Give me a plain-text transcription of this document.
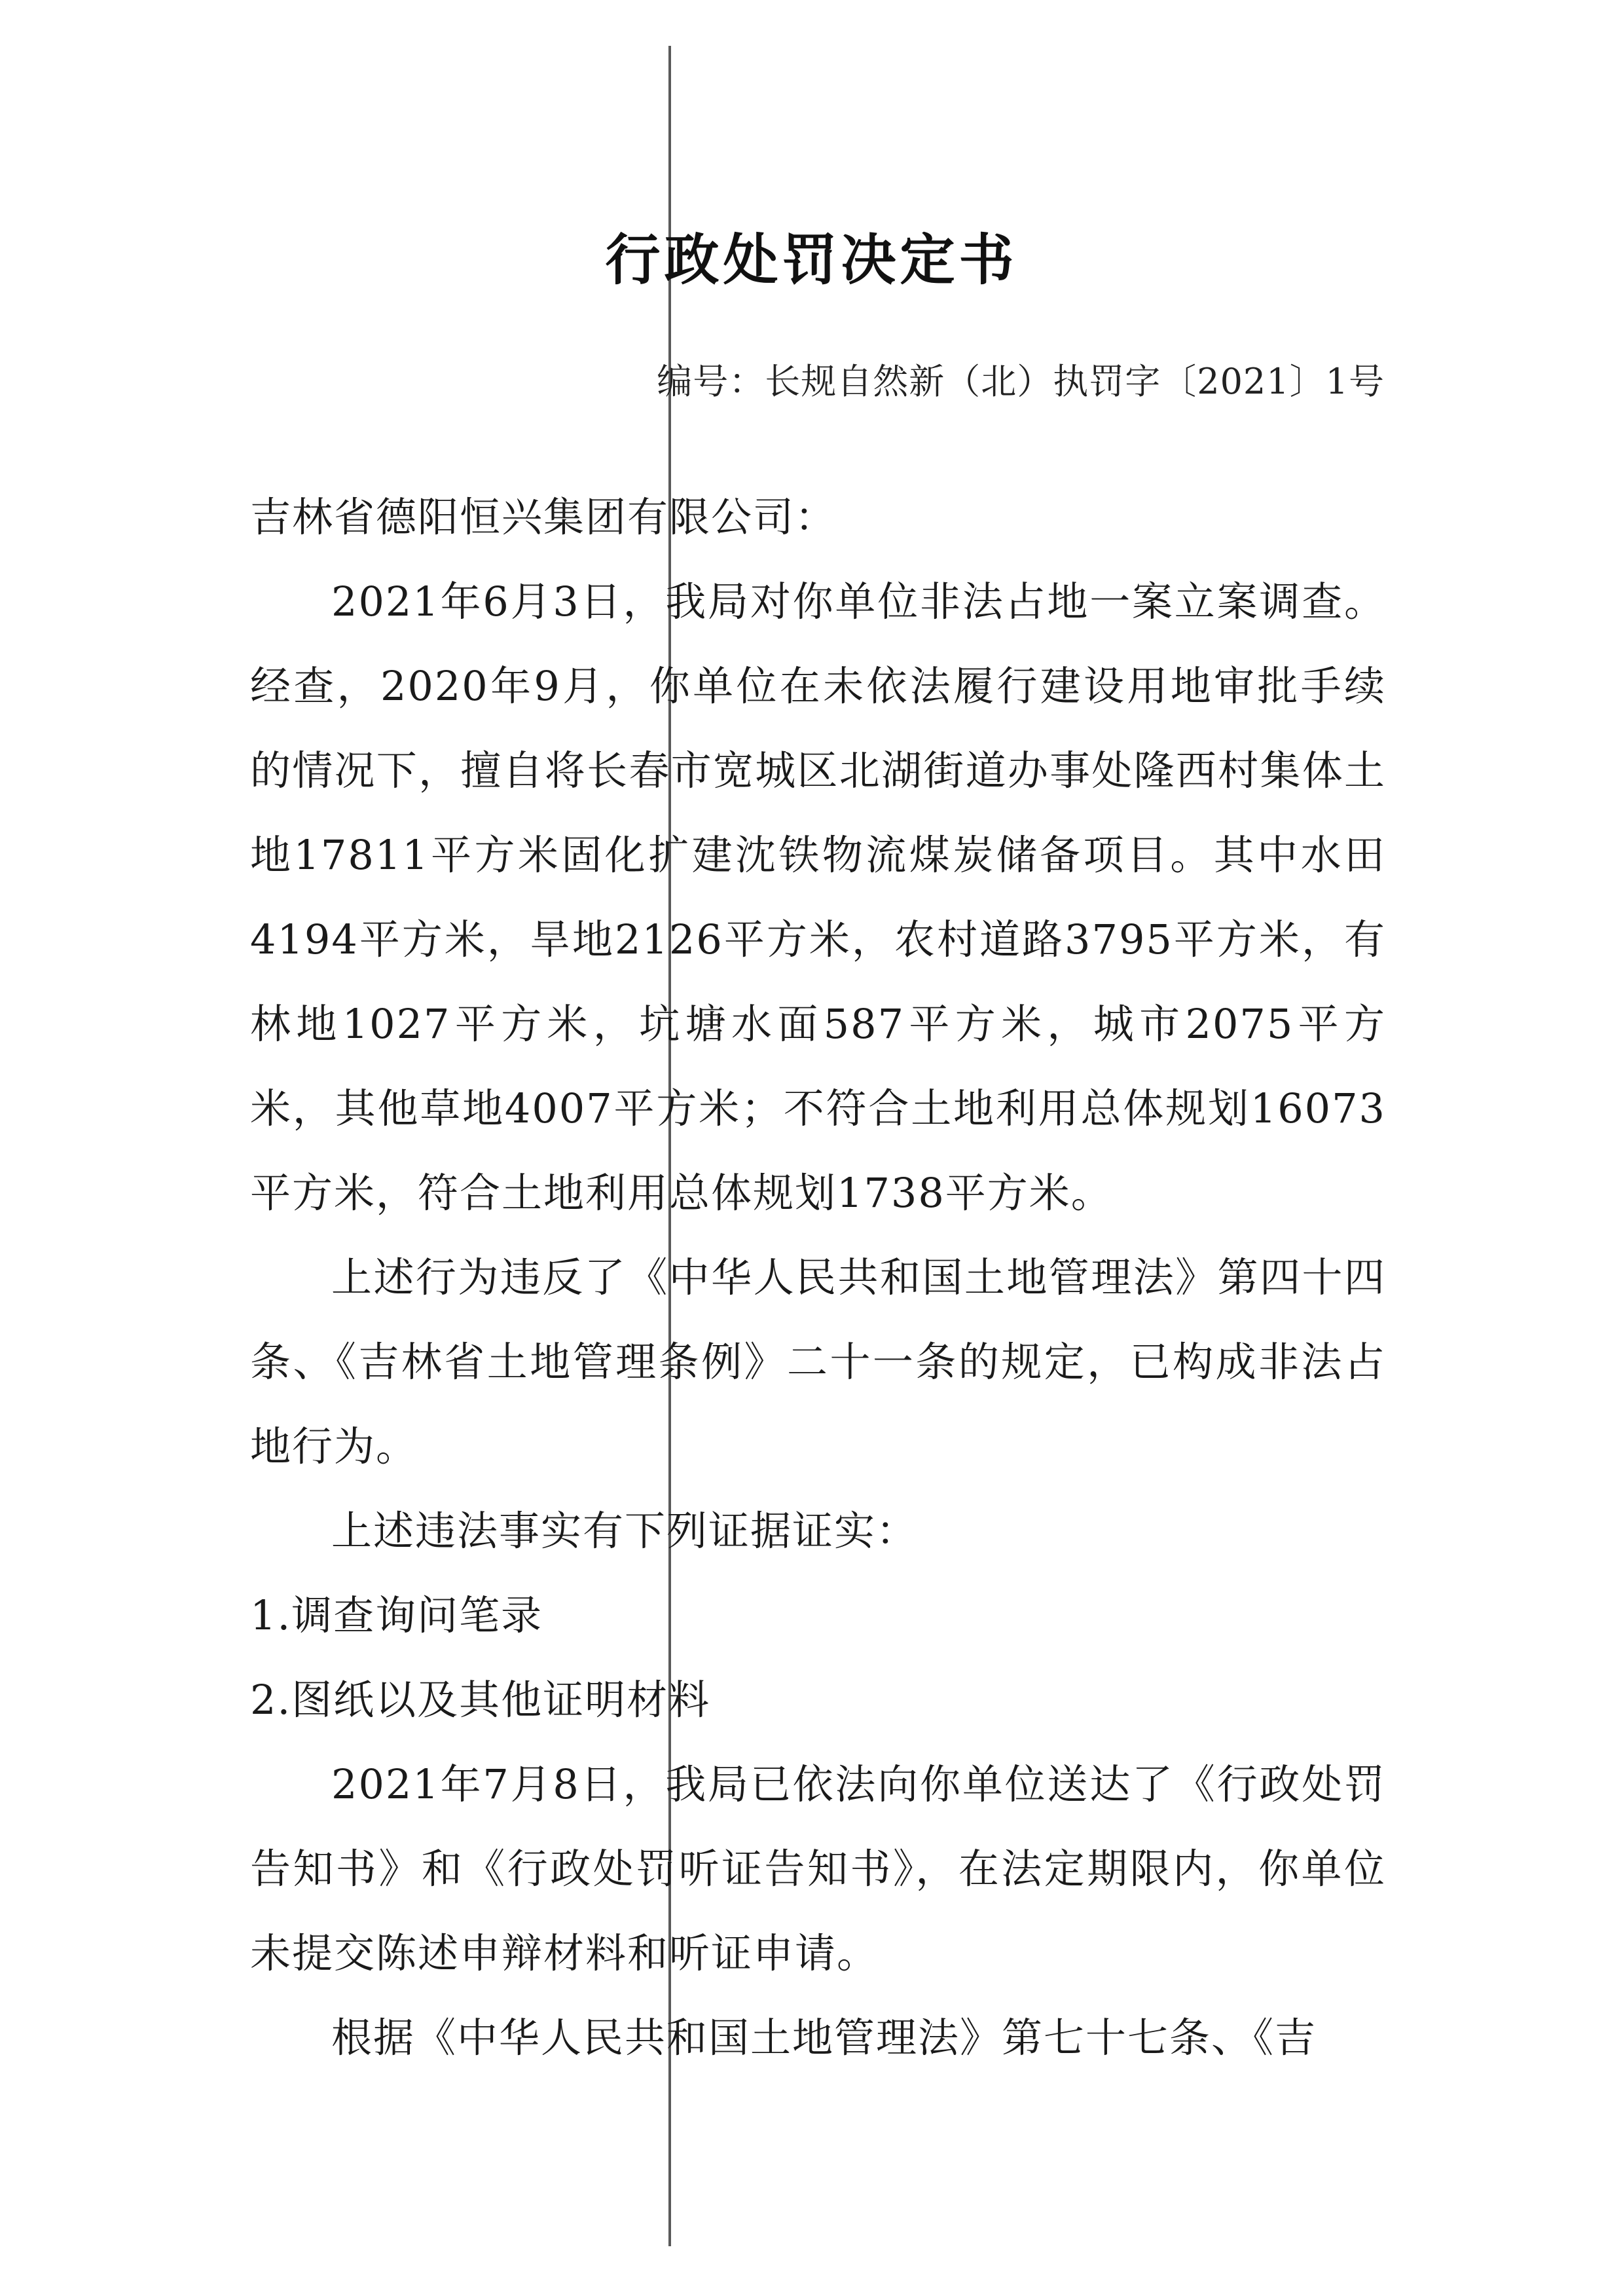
行政处罚决定书
编号：长规自然新（北）执罚字〔2021〕1号

吉林省德阳恒兴集团有限公司：

2021年6月3日，我局对你单位非法占地一案立案调查。经查，2020年9月，你单位在未依法履行建设用地审批手续的情况下，擅自将长春市宽城区北湖街道办事处隆西村集体土地17811平方米固化扩建沈铁物流煤炭储备项目。其中水田4194平方米，旱地2126平方米，农村道路3795平方米，有林地1027平方米，坑塘水面587平方米，城市2075平方米，其他草地4007平方米；不符合土地利用总体规划16073平方米，符合土地利用总体规划1738平方米。

上述行为违反了《中华人民共和国土地管理法》第四十四条、《吉林省土地管理条例》二十一条的规定，已构成非法占地行为。

上述违法事实有下列证据证实：

1.调查询问笔录

2.图纸以及其他证明材料

2021年7月8日，我局已依法向你单位送达了《行政处罚告知书》和《行政处罚听证告知书》，在法定期限内，你单位未提交陈述申辩材料和听证申请。

根据《中华人民共和国土地管理法》第七十七条、《吉
